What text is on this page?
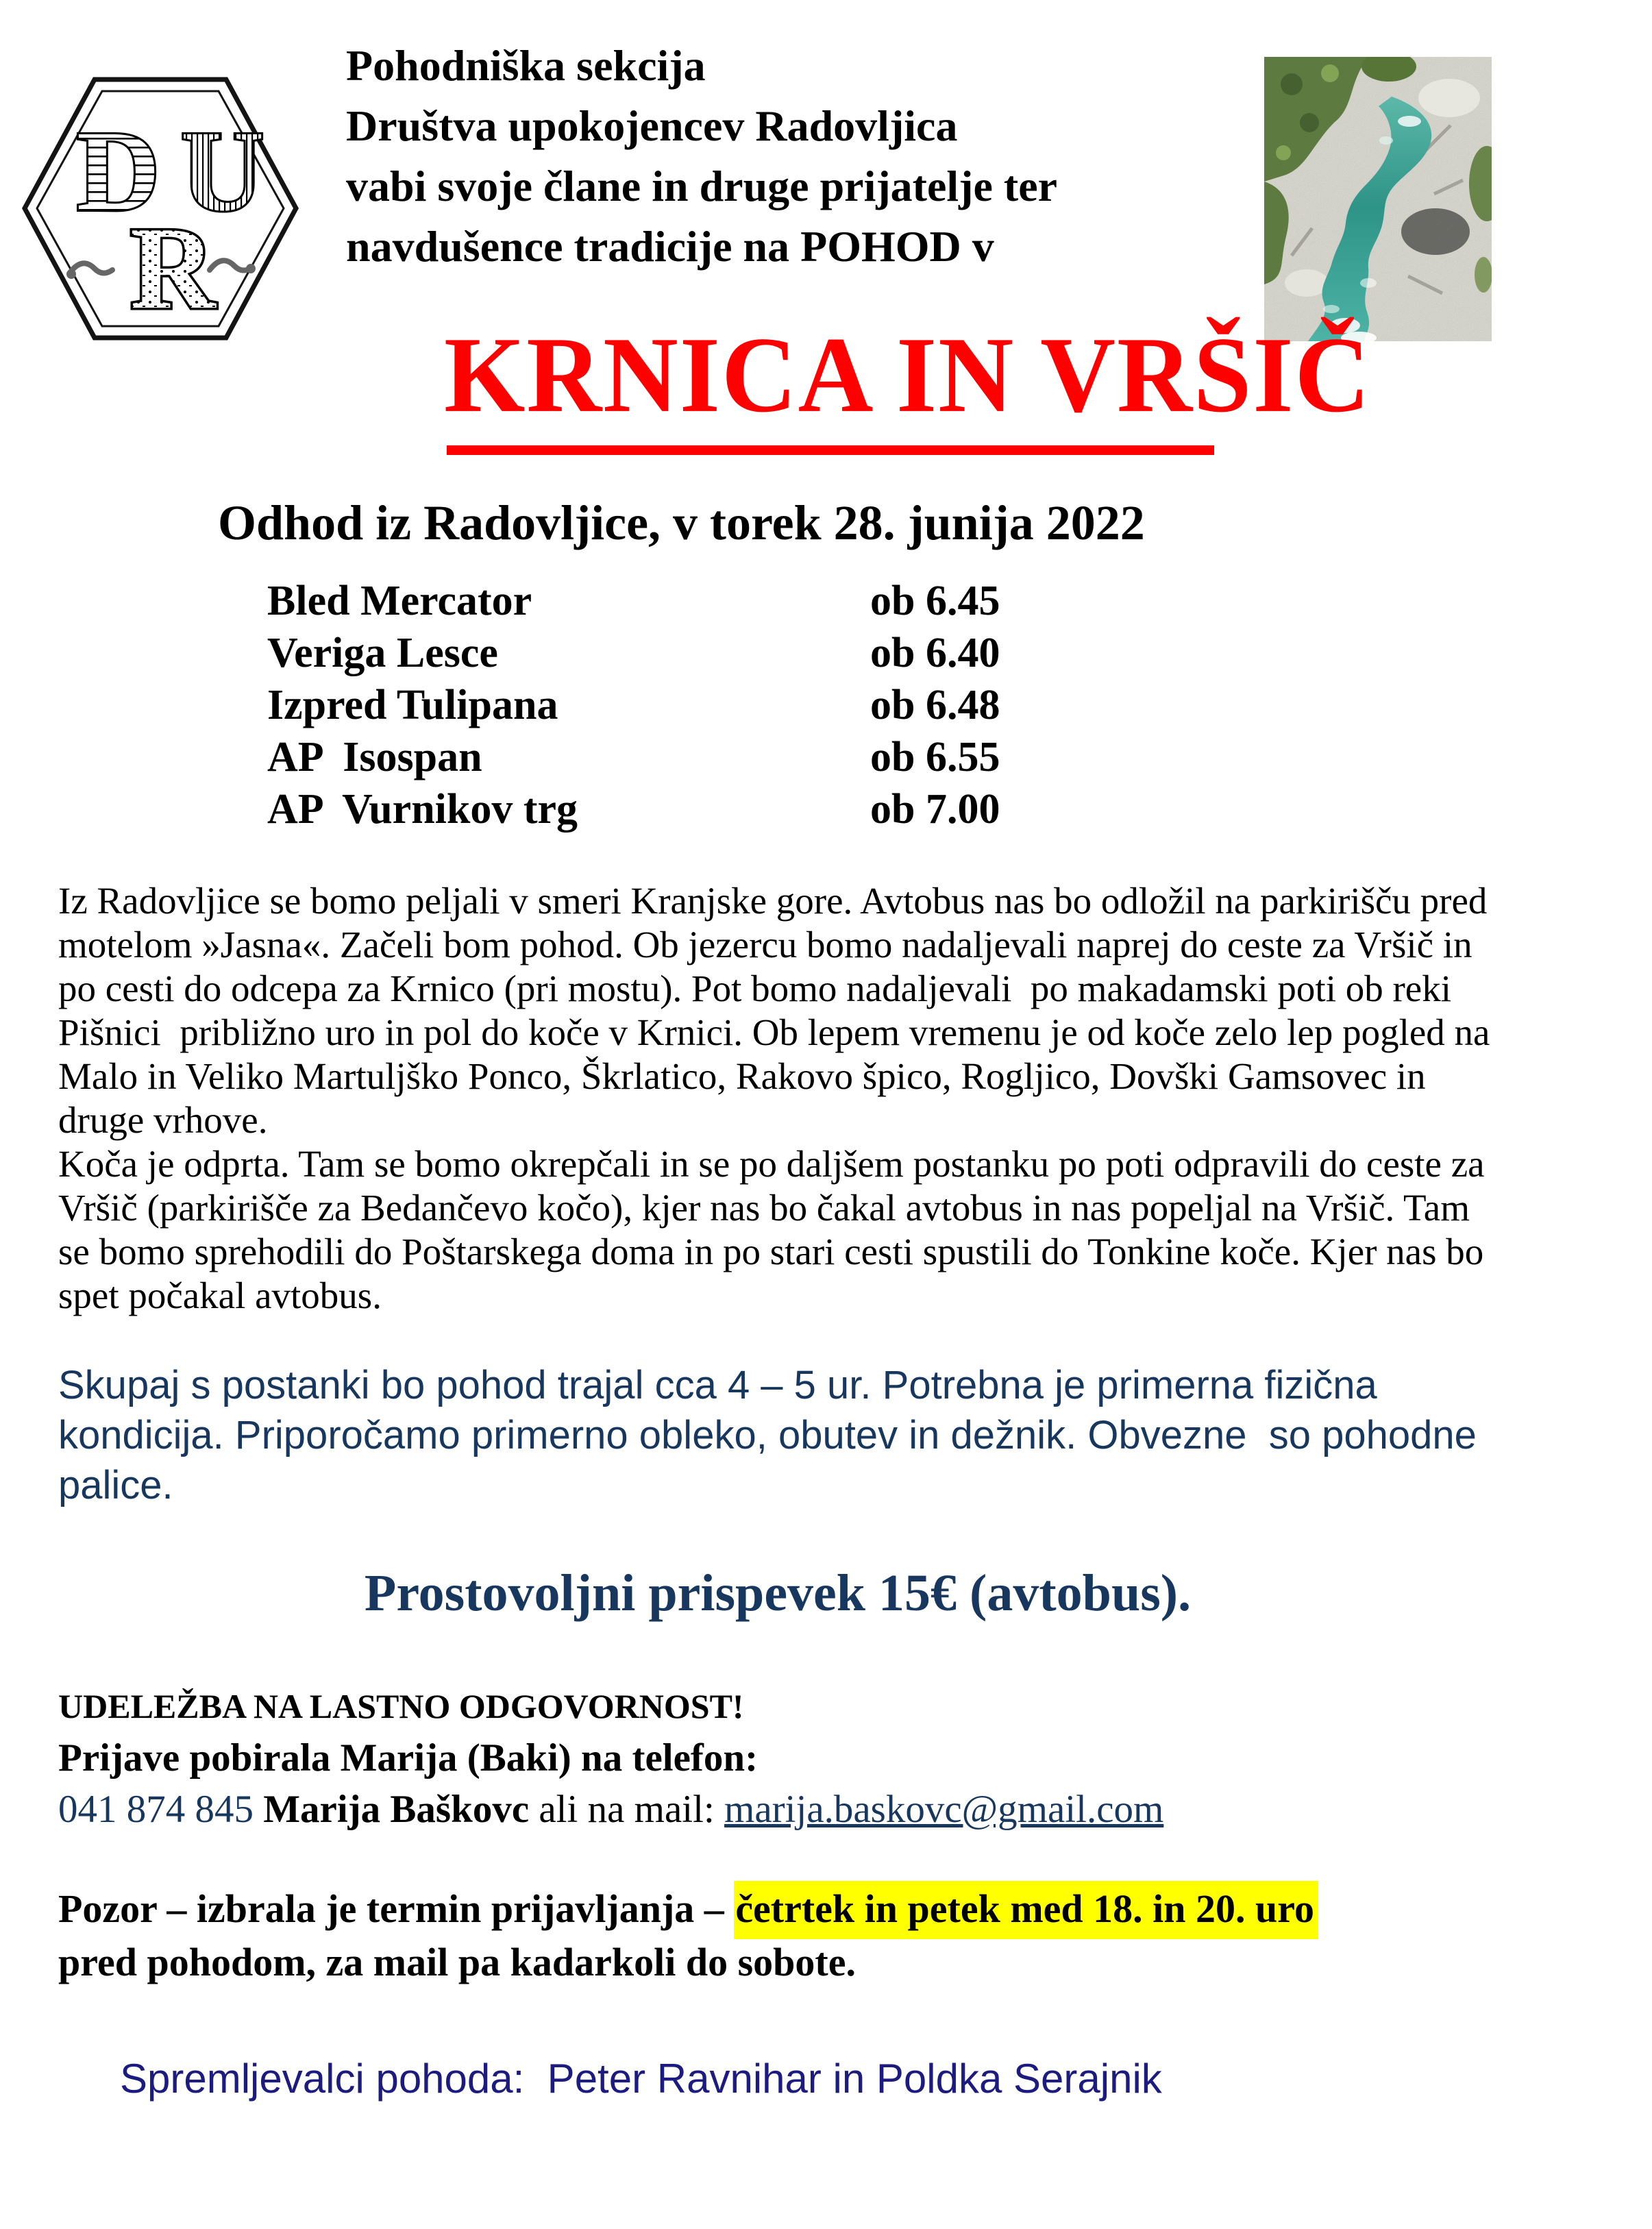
D U
R
Pohodniška sekcija
Društva upokojencev Radovljica
vabi svoje člane in druge prijatelje ter
navdušence tradicije na POHOD v
KRNICA IN VRŠIČ
Odhod iz Radovljice, v torek 28. junija 2022
Bled Mercator	ob 6.45
Veriga Lesce	ob 6.40
Izpred Tulipana	ob 6.48
AP  Isospan	ob 6.55
AP  Vurnikov trg	ob 7.00

Iz Radovljice se bomo peljali v smeri Kranjske gore. Avtobus nas bo odložil na parkirišču pred motelom »Jasna«. Začeli bom pohod. Ob jezercu bomo nadaljevali naprej do ceste za Vršič in po cesti do odcepa za Krnico (pri mostu). Pot bomo nadaljevali  po makadamski poti ob reki Pišnici  približno uro in pol do koče v Krnici. Ob lepem vremenu je od koče zelo lep pogled na Malo in Veliko Martuljško Ponco, Škrlatico, Rakovo špico, Rogljico, Dovški Gamsovec in druge vrhove.

Koča je odprta. Tam se bomo okrepčali in se po daljšem postanku po poti odpravili do ceste za Vršič (parkirišče za Bedančevo kočo), kjer nas bo čakal avtobus in nas popeljal na Vršič. Tam se bomo sprehodili do Poštarskega doma in po stari cesti spustili do Tonkine koče. Kjer nas bo spet počakal avtobus.

Skupaj s postanki bo pohod trajal cca 4 – 5 ur. Potrebna je primerna fizična kondicija. Priporočamo primerno obleko, obutev in dežnik. Obvezne  so pohodne palice.

Prostovoljni prispevek 15€ (avtobus).

UDELEŽBA NA LASTNO ODGOVORNOST!

Prijave pobirala Marija (Baki) na telefon:

041 874 845 Marija Baškovc ali na mail: marija.baskovc@gmail.com

Pozor – izbrala je termin prijavljanja – četrtek in petek med 18. in 20. uro
pred pohodom, za mail pa kadarkoli do sobote.

Spremljevalci pohoda:  Peter Ravnihar in Poldka Serajnik
